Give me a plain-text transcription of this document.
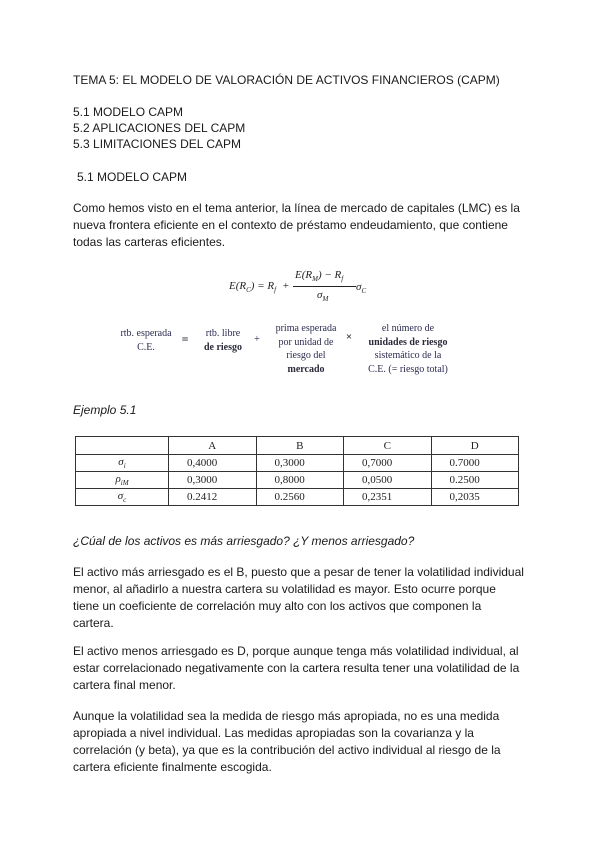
TEMA 5: EL MODELO DE VALORACIÓN DE ACTIVOS FINANCIEROS (CAPM)
5.1 MODELO CAPM
5.2 APLICACIONES DEL CAPM
5.3 LIMITACIONES DEL CAPM
5.1 MODELO CAPM
Como hemos visto en el tema anterior, la línea de mercado de capitales (LMC) es la
nueva frontera eficiente en el contexto de préstamo endeudamiento, que contiene
todas las carteras eficientes.
$E(R_C) = R_f$ +
$E(R_M) - R_f$
$\sigma_M$
$\sigma_C$
rtb. esperada
C.E.
=	rtb. libre
de riesgo
+
prima esperada
por unidad de
riesgo del
mercado
×
el número de
unidades de riesgo
sistemático de la
C.E. (= riesgo total)
Ejemplo 5.1
	A	B	C	D
$\sigma_i$	0,4000	0,3000	0,7000	0.7000
$\rho_{iM}$	0,3000	0,8000	0,0500	0.2500
$\sigma_c$	0.2412	0.2560	0,2351	0,2035
¿Cúal de los activos es más arriesgado? ¿Y menos arriesgado?
El activo más arriesgado es el B, puesto que a pesar de tener la volatilidad individual
menor, al añadirlo a nuestra cartera su volatilidad es mayor. Esto ocurre porque
tiene un coeficiente de correlación muy alto con los activos que componen la
cartera.
El activo menos arriesgado es D, porque aunque tenga más volatilidad individual, al
estar correlacionado negativamente con la cartera resulta tener una volatilidad de la
cartera final menor.
Aunque la volatilidad sea la medida de riesgo más apropiada, no es una medida
apropiada a nivel individual. Las medidas apropiadas son la covarianza y la
correlación (y beta), ya que es la contribución del activo individual al riesgo de la
cartera eficiente finalmente escogida.
